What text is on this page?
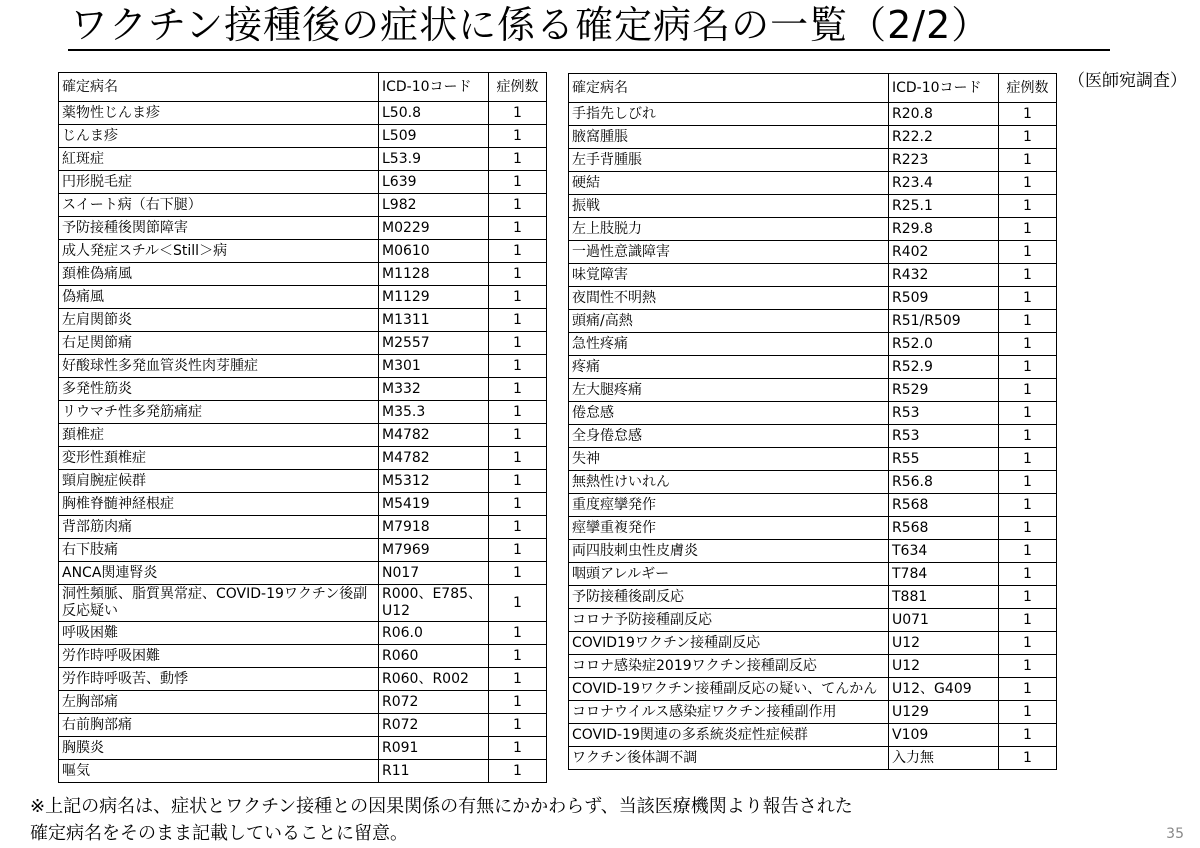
ワクチン接種後の症状に係る確定病名の一覧（2/2）
（医師宛調査）
確定病名	ICD-10コード	症例数
薬物性じんま疹	L50.8	1
じんま疹	L509	1
紅斑症	L53.9	1
円形脱毛症	L639	1
スイート病（右下腿）	L982	1
予防接種後関節障害	M0229	1
成人発症スチル＜Still＞病	M0610	1
頚椎偽痛風	M1128	1
偽痛風	M1129	1
左肩関節炎	M1311	1
右足関節痛	M2557	1
好酸球性多発血管炎性肉芽腫症	M301	1
多発性筋炎	M332	1
リウマチ性多発筋痛症	M35.3	1
頚椎症	M4782	1
変形性頚椎症	M4782	1
頸肩腕症候群	M5312	1
胸椎脊髄神経根症	M5419	1
背部筋肉痛	M7918	1
右下肢痛	M7969	1
ANCA関連腎炎	N017	1
洞性頻脈、脂質異常症、COVID-19ワクチン後副反応疑い	R000、E785、U12	1
呼吸困難	R06.0	1
労作時呼吸困難	R060	1
労作時呼吸苦、動悸	R060、R002	1
左胸部痛	R072	1
右前胸部痛	R072	1
胸膜炎	R091	1
嘔気	R11	1
確定病名	ICD-10コード	症例数
手指先しびれ	R20.8	1
腋窩腫脹	R22.2	1
左手背腫脹	R223	1
硬結	R23.4	1
振戦	R25.1	1
左上肢脱力	R29.8	1
一過性意識障害	R402	1
味覚障害	R432	1
夜間性不明熱	R509	1
頭痛/高熱	R51/R509	1
急性疼痛	R52.0	1
疼痛	R52.9	1
左大腿疼痛	R529	1
倦怠感	R53	1
全身倦怠感	R53	1
失神	R55	1
無熱性けいれん	R56.8	1
重度痙攣発作	R568	1
痙攣重複発作	R568	1
両四肢刺虫性皮膚炎	T634	1
咽頭アレルギー	T784	1
予防接種後副反応	T881	1
コロナ予防接種副反応	U071	1
COVID19ワクチン接種副反応	U12	1
コロナ感染症2019ワクチン接種副反応	U12	1
COVID-19ワクチン接種副反応の疑い、てんかん	U12、G409	1
コロナウイルス感染症ワクチン接種副作用	U129	1
COVID-19関連の多系統炎症性症候群	V109	1
ワクチン後体調不調	入力無	1
※上記の病名は、症状とワクチン接種との因果関係の有無にかかわらず、当該医療機関より報告された
確定病名をそのまま記載していることに留意。	35
